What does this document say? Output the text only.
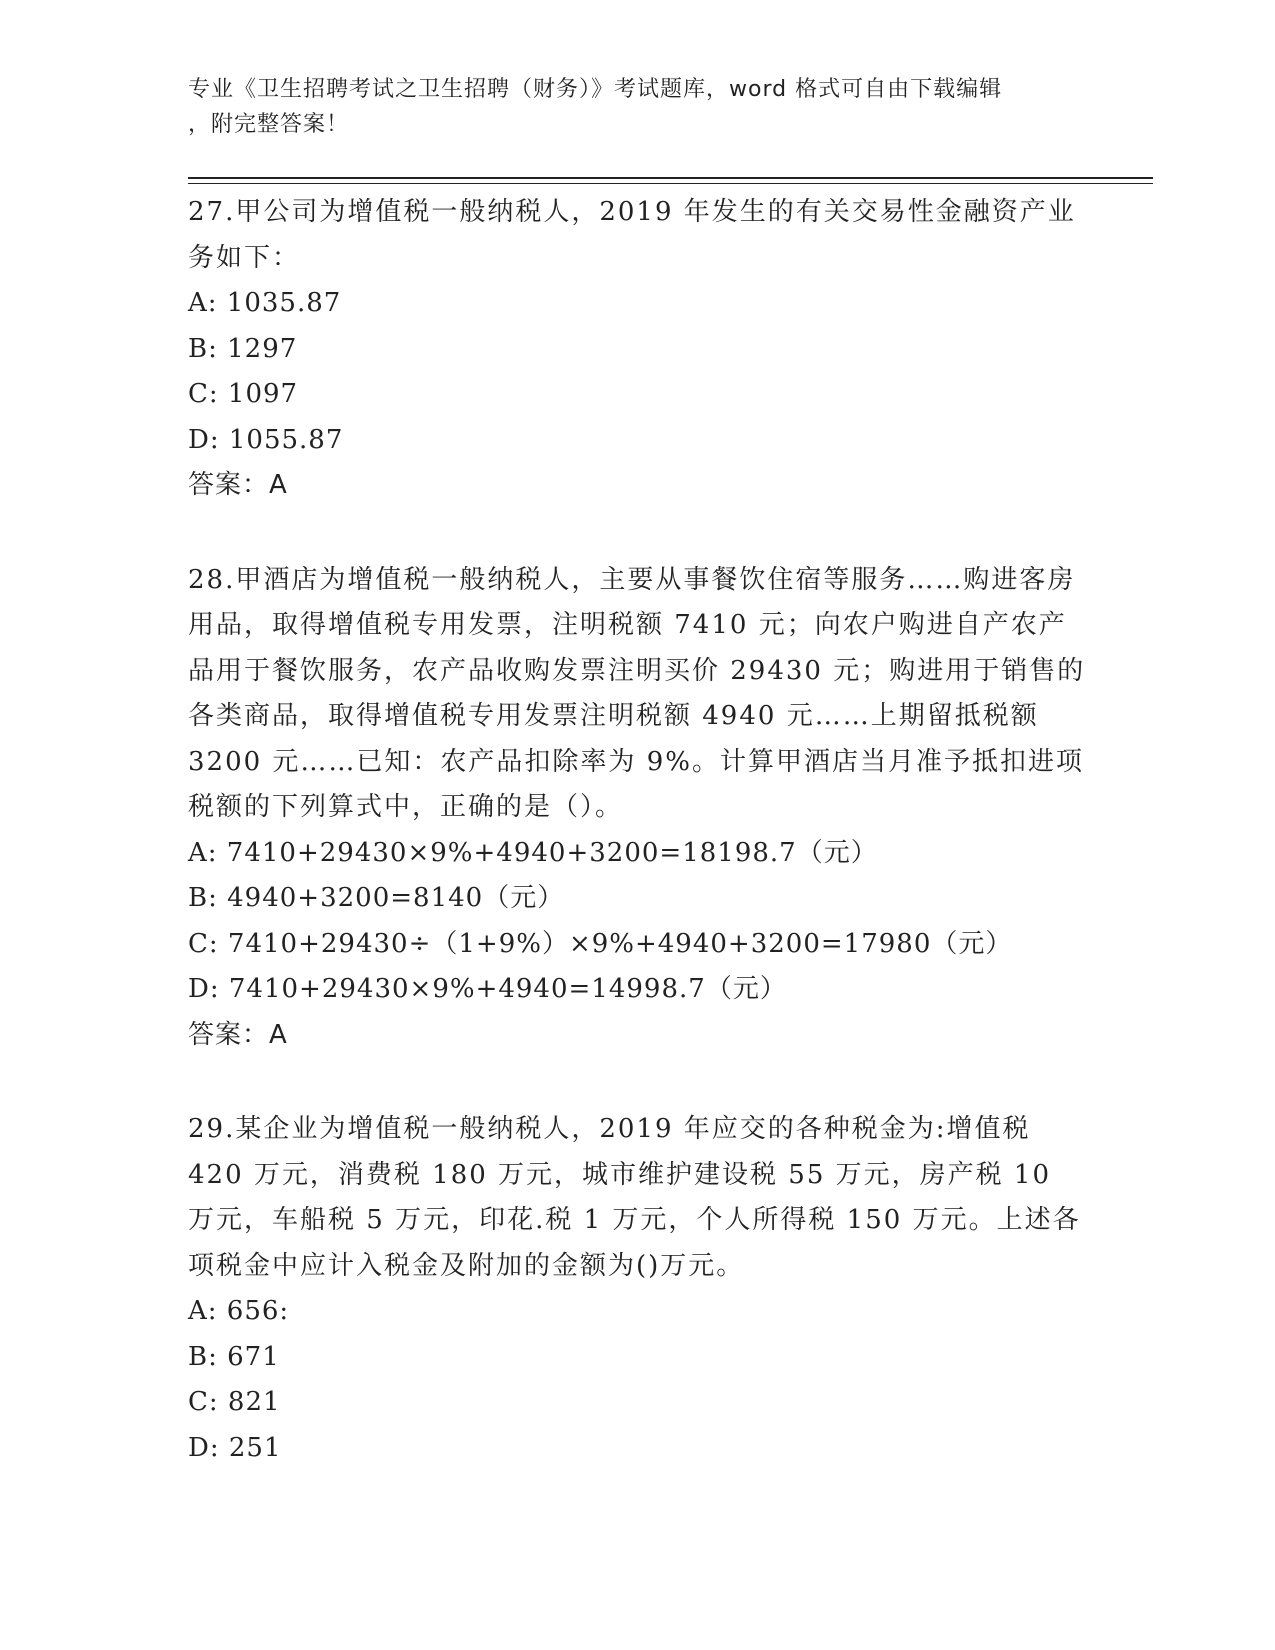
专业《卫生招聘考试之卫生招聘（财务）》考试题库，word 格式可自由下载编辑
，附完整答案！

27.甲公司为增值税一般纳税人，2019 年发生的有关交易性金融资产业务如下：

A: 1035.87

B: 1297

C: 1097

D: 1055.87

答案：A

28.甲酒店为增值税一般纳税人，主要从事餐饮住宿等服务……购进客房用品，取得增值税专用发票，注明税额 7410 元；向农户购进自产农产品用于餐饮服务，农产品收购发票注明买价 29430 元；购进用于销售的各类商品，取得增值税专用发票注明税额 4940 元……上期留抵税额 3200 元……已知：农产品扣除率为 9%。计算甲酒店当月准予抵扣进项税额的下列算式中，正确的是（）。

A: 7410+29430×9%+4940+3200=18198.7（元）

B: 4940+3200=8140（元）

C: 7410+29430÷（1+9%）×9%+4940+3200=17980（元）

D: 7410+29430×9%+4940=14998.7（元）

答案：A

29.某企业为增值税一般纳税人，2019 年应交的各种税金为:增值税 420 万元，消费税 180 万元，城市维护建设税 55 万元，房产税 10 万元，车船税 5 万元，印花.税 1 万元，个人所得税 150 万元。上述各项税金中应计入税金及附加的金额为()万元。

A: 656:

B: 671

C: 821

D: 251
